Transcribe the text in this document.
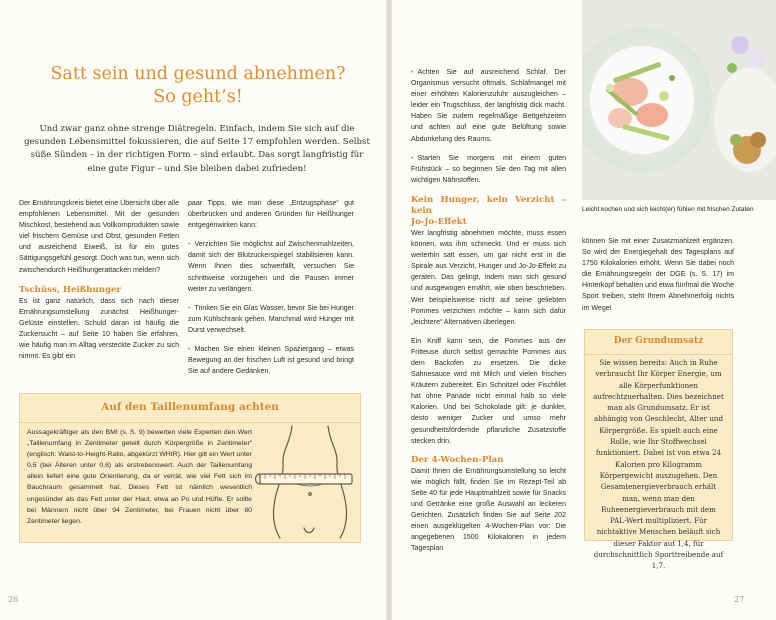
Satt sein und gesund abnehmen?
So geht’s!
Und zwar ganz ohne strenge Diätregeln. Einfach, indem Sie sich auf die gesunden Lebensmittel fokussieren, die auf Seite 17 empfohlen werden. Selbst süße Sünden – in der richtigen Form – sind erlaubt. Das sorgt langfristig für eine gute Figur – und Sie bleiben dabei zufrieden!

Der Ernährungskreis bietet eine Übersicht über alle empfohlenen Lebensmittel. Mit der gesunden Mischkost, bestehend aus Vollkornprodukten sowie viel frischem Gemüse und Obst, gesunden Fetten und ausreichend Eiweiß, ist für ein gutes Sättigungsgefühl gesorgt. Doch was tun, wenn sich zwischendurch Heißhungerattacken melden?

Tschüss, Heißhunger

Es ist ganz natürlich, dass sich nach dieser Ernährungsumstellung zunächst Heißhunger-Gelüste einstellen. Schuld daran ist häufig die Zuckersucht – auf Seite 10 haben Sie erfahren, wie häufig man im Alltag versteckte Zucker zu sich nimmt. Es gibt ein

paar Tipps, wie man diese „Entzugsphase“ gut überbrücken und anderen Gründen für Heißhunger entgegenwirken kann:

• Verzichten Sie möglichst auf Zwischenmahlzeiten, damit sich der Blutzuckerspiegel stabilisieren kann. Wenn Ihnen dies schwerfällt, versuchen Sie schrittweise vorzugehen und die Pausen immer weiter zu verlängern.

• Trinken Sie ein Glas Wasser, bevor Sie bei Hunger zum Kühlschrank gehen. Manchmal wird Hunger mit Durst verwechselt.

• Machen Sie einen kleinen Spaziergang – etwas Bewegung an der frischen Luft ist gesund und bringt Sie auf andere Gedanken.

Auf den Taillenumfang achten
Aussagekräftiger als den BMI (s. S. 9) bewerten viele Experten den Wert „Taillenumfang in Zentimeter geteilt durch Körpergröße in Zentimeter“ (englisch: Waist-to-Height-Ratio, abgekürzt WHtR). Hier gilt ein Wert unter 0,5 (bei Älteren unter 0,6) als erstrebenswert. Auch der Taillenumfang allein liefert eine gute Orientierung, da er verrät, wie viel Fett sich im Bauchraum gesammelt hat. Dieses Fett ist nämlich wesentlich ungesünder als das Fett unter der Haut, etwa an Po und Hüfte. Er sollte bei Männern nicht über 94 Zentimeter, bei Frauen nicht über 80 Zentimeter liegen.
26

• Achten Sie auf ausreichend Schlaf. Der Organismus versucht oftmals, Schlafmangel mit einer erhöhten Kalorienzufuhr auszugleichen – leider ein Trugschluss, der langfristig dick macht. Haben Sie zudem regelmäßige Bettgehzeiten und achten auf eine gute Belüftung sowie Abdunkelung des Raums.

• Starten Sie morgens mit einem guten Frühstück – so beginnen Sie den Tag mit allen wichtigen Nährstoffen.

Kein Hunger, kein Verzicht – kein
Jo-Jo-Effekt

Wer langfristig abnehmen möchte, muss essen können, was ihm schmeckt. Und er muss sich weiterhin satt essen, um gar nicht erst in die Spirale aus Verzicht, Hunger und Jo-Jo-Effekt zu geraten. Das gelingt, indem man sich gesund und ausgewogen ernährt, wie oben beschrieben. Wer beispielsweise nicht auf seine geliebten Pommes verzichten möchte – kann sich dafür „leichtere“ Alternativen überlegen.

Ein Kniff kann sein, die Pommes aus der Fritteuse durch selbst gemachte Pommes aus dem Backofen zu ersetzen. Die dicke Sahnesauce wird mit Milch und vielen frischen Kräutern zubereitet. Ein Schnitzel oder Fischfilet hat ohne Panade nicht einmal halb so viele Kalorien. Und bei Schokolade gilt: je dunkler, desto weniger Zucker und umso mehr gesundheitsfördernde pflanzliche Zusatzstoffe stecken drin.

Der 4-Wochen-Plan

Damit Ihnen die Ernährungsumstellung so leicht wie möglich fällt, finden Sie im Rezept-Teil ab Seite 40 für jede Hauptmahlzeit sowie für Snacks und Getränke eine große Auswahl an leckeren Gerichten. Zusätzlich finden Sie auf Seite 202 einen ausgeklügelten 4-Wochen-Plan vor: Die angegebenen 1500 Kilokalorien in jedem Tagesplan

Leicht kochen und sich leicht(er) fühlen mit frischen Zutaten

können Sie mit einer Zusatzmahlzeit ergänzen. So wird der Energiegehalt des Tagesplans auf 1750 Kilokalorien erhöht. Wenn Sie dabei noch die Ernährungsregeln der DGE (s. S. 17) im Hinterkopf behalten und etwa fünfmal die Woche Sport treiben, steht Ihrem Abnehmerfolg nichts im Wege!

Der Grundumsatz
Sie wissen bereits: Auch in Ruhe verbraucht Ihr Körper Energie, um alle Körperfunktionen aufrechtzuerhalten. Dies bezeichnet man als Grundumsatz. Er ist abhängig von Geschlecht, Alter und Körpergröße. Es spielt auch eine Rolle, wie Ihr Stoffwechsel funktioniert. Dabei ist von etwa 24 Kalorien pro Kilogramm Körpergewicht auszugehen. Den Gesamtenergieverbrauch erhält man, wenn man den Ruheenergieverbrauch mit dem PAL-Wert multipliziert. Für nichtaktive Menschen beläuft sich dieser Faktor auf 1,4, für durchschnittlich Sporttreibende auf 1,7.
27
